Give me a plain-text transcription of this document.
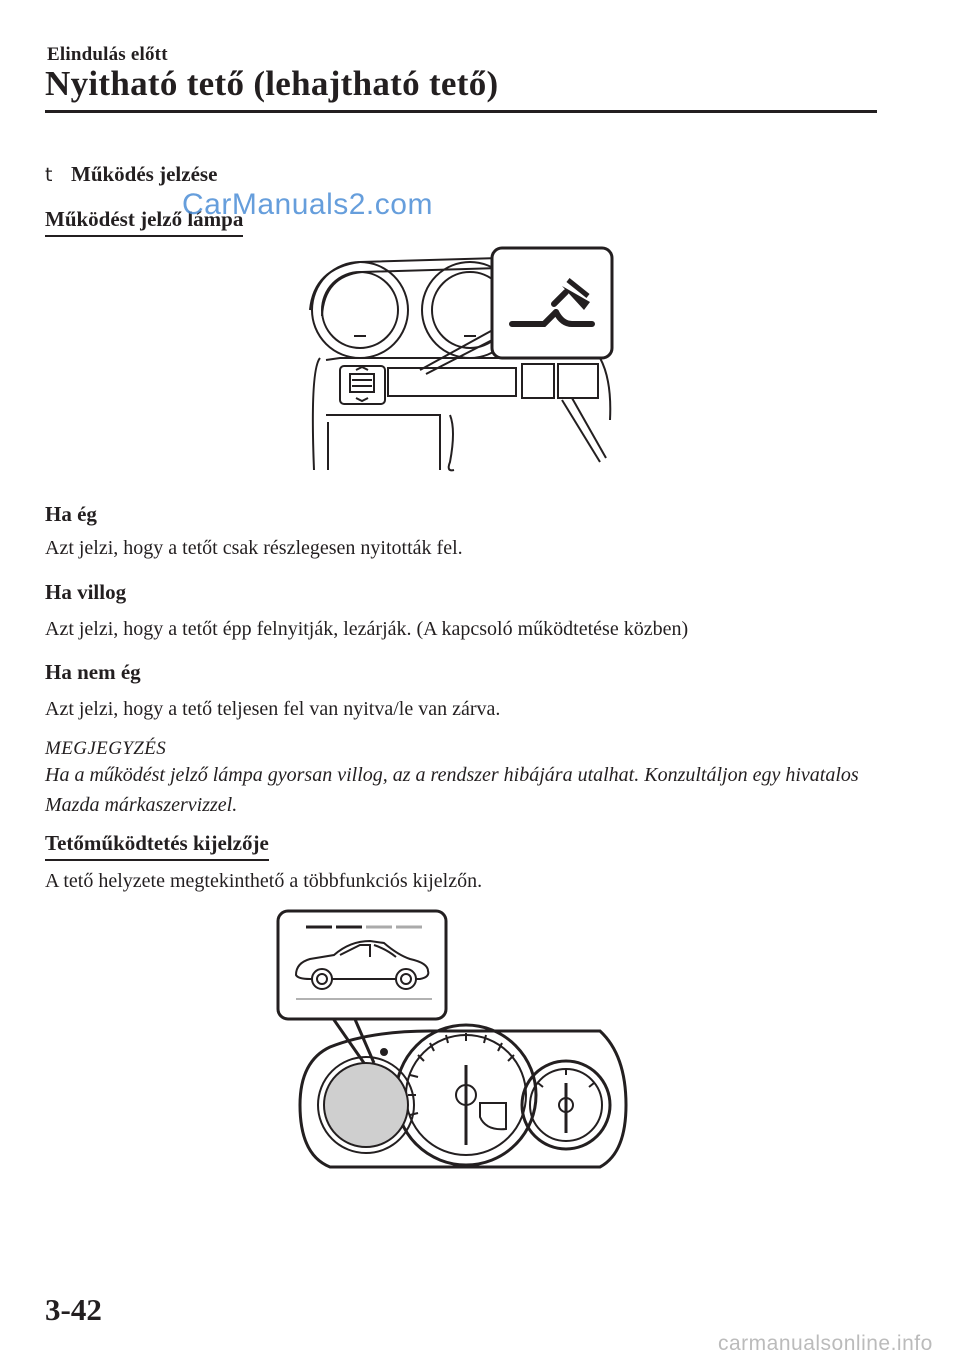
Elindulás előtt
Nyitható tető (lehajtható tető)
t Működés jelzése
Működést jelző lámpa
CarManuals2.com
Ha ég
Azt jelzi, hogy a tetőt csak részlegesen nyitották fel.
Ha villog
Azt jelzi, hogy a tetőt épp felnyitják, lezárják. (A kapcsoló működtetése közben)
Ha nem ég
Azt jelzi, hogy a tető teljesen fel van nyitva/le van zárva.
MEGJEGYZÉS
Ha a működést jelző lámpa gyorsan villog, az a rendszer hibájára utalhat. Konzultáljon egy hivatalos Mazda márkaszervizzel.
Tetőműködtetés kijelzője
A tető helyzete megtekinthető a többfunkciós kijelzőn.
3-42
carmanualsonline.info
